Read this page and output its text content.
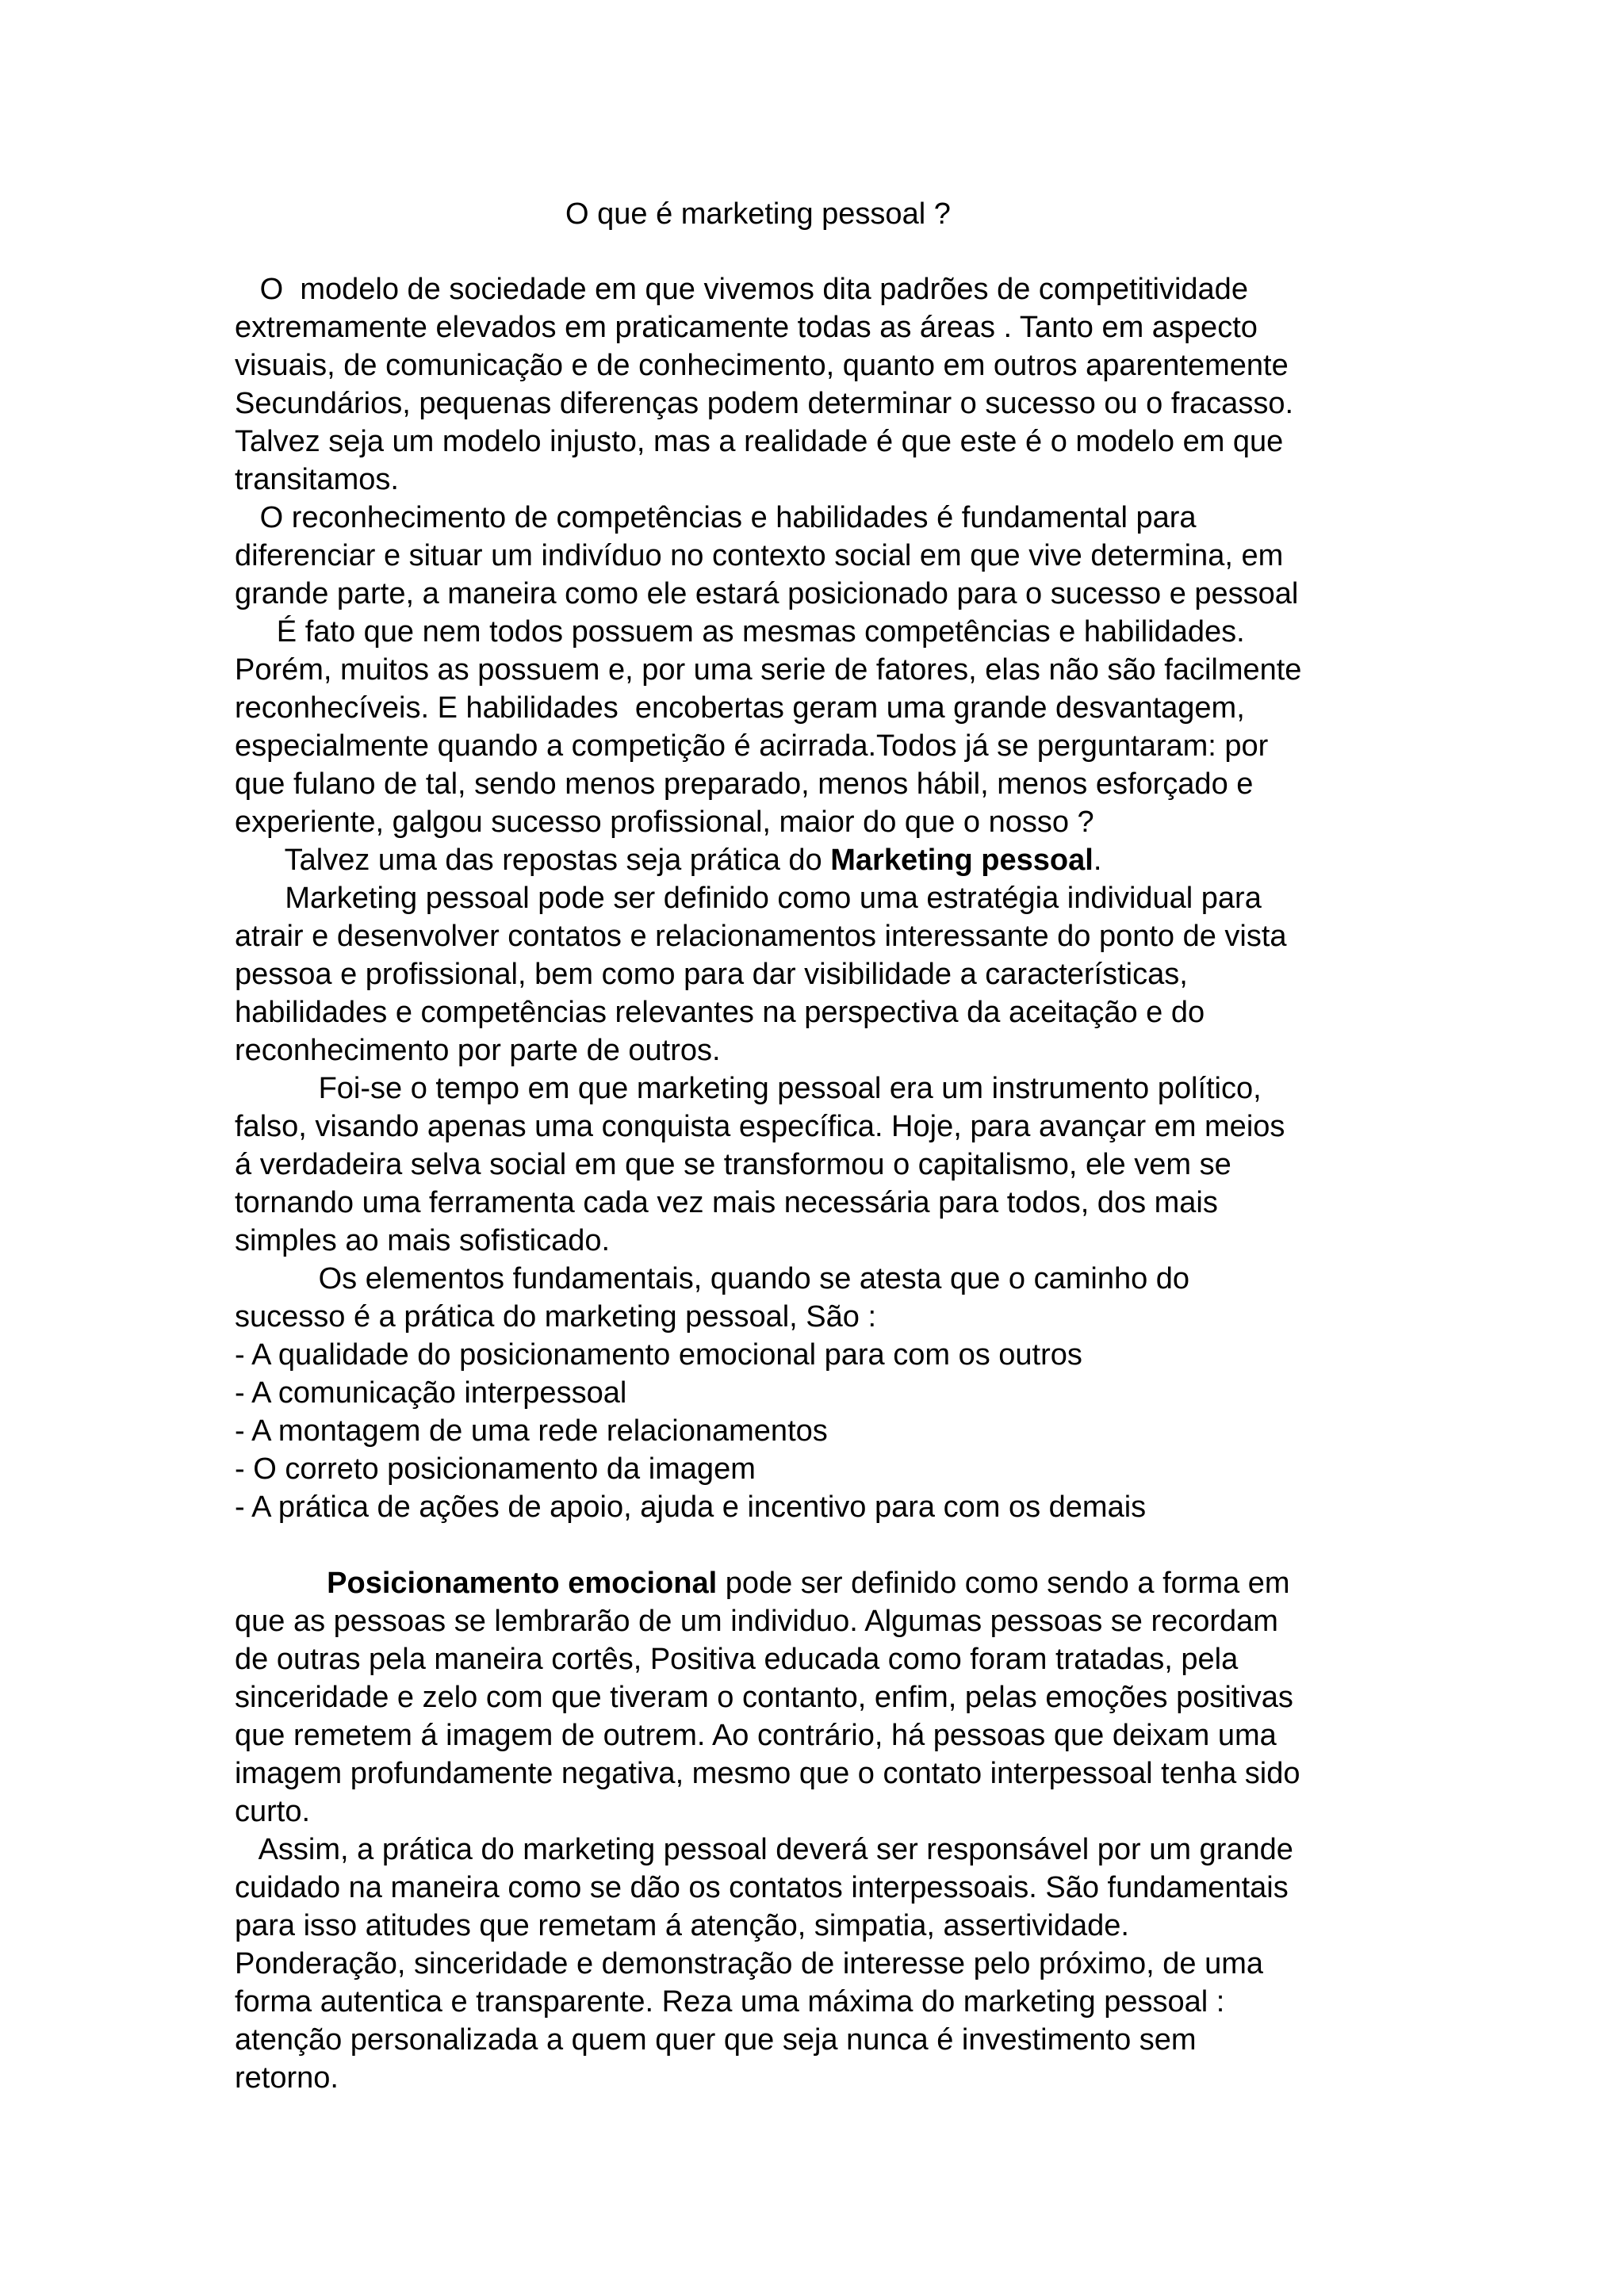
O que é marketing pessoal ?

O  modelo de sociedade em que vivemos dita padrões de competitividade

extremamente elevados em praticamente todas as áreas . Tanto em aspecto

visuais, de comunicação e de conhecimento, quanto em outros aparentemente

Secundários, pequenas diferenças podem determinar o sucesso ou o fracasso.

Talvez seja um modelo injusto, mas a realidade é que este é o modelo em que

transitamos.

O reconhecimento de competências e habilidades é fundamental para

diferenciar e situar um indivíduo no contexto social em que vive determina, em

grande parte, a maneira como ele estará posicionado para o sucesso e pessoal

É fato que nem todos possuem as mesmas competências e habilidades.

Porém, muitos as possuem e, por uma serie de fatores, elas não são facilmente

reconhecíveis. E habilidades  encobertas geram uma grande desvantagem,

especialmente quando a competição é acirrada.Todos já se perguntaram: por

que fulano de tal, sendo menos preparado, menos hábil, menos esforçado e

experiente, galgou sucesso profissional, maior do que o nosso ?

Talvez uma das repostas seja prática do Marketing pessoal.

Marketing pessoal pode ser definido como uma estratégia individual para

atrair e desenvolver contatos e relacionamentos interessante do ponto de vista

pessoa e profissional, bem como para dar visibilidade a características,

habilidades e competências relevantes na perspectiva da aceitação e do

reconhecimento por parte de outros.

Foi-se o tempo em que marketing pessoal era um instrumento político,

falso, visando apenas uma conquista específica. Hoje, para avançar em meios

á verdadeira selva social em que se transformou o capitalismo, ele vem se

tornando uma ferramenta cada vez mais necessária para todos, dos mais

simples ao mais sofisticado.

Os elementos fundamentais, quando se atesta que o caminho do

sucesso é a prática do marketing pessoal, São :

- A qualidade do posicionamento emocional para com os outros

- A comunicação interpessoal

- A montagem de uma rede relacionamentos

- O correto posicionamento da imagem

- A prática de ações de apoio, ajuda e incentivo para com os demais

Posicionamento emocional pode ser definido como sendo a forma em

que as pessoas se lembrarão de um individuo. Algumas pessoas se recordam

de outras pela maneira cortês, Positiva educada como foram tratadas, pela

sinceridade e zelo com que tiveram o contanto, enfim, pelas emoções positivas

que remetem á imagem de outrem. Ao contrário, há pessoas que deixam uma

imagem profundamente negativa, mesmo que o contato interpessoal tenha sido

curto.

Assim, a prática do marketing pessoal deverá ser responsável por um grande

cuidado na maneira como se dão os contatos interpessoais. São fundamentais

para isso atitudes que remetam á atenção, simpatia, assertividade.

Ponderação, sinceridade e demonstração de interesse pelo próximo, de uma

forma autentica e transparente. Reza uma máxima do marketing pessoal :

atenção personalizada a quem quer que seja nunca é investimento sem

retorno.
